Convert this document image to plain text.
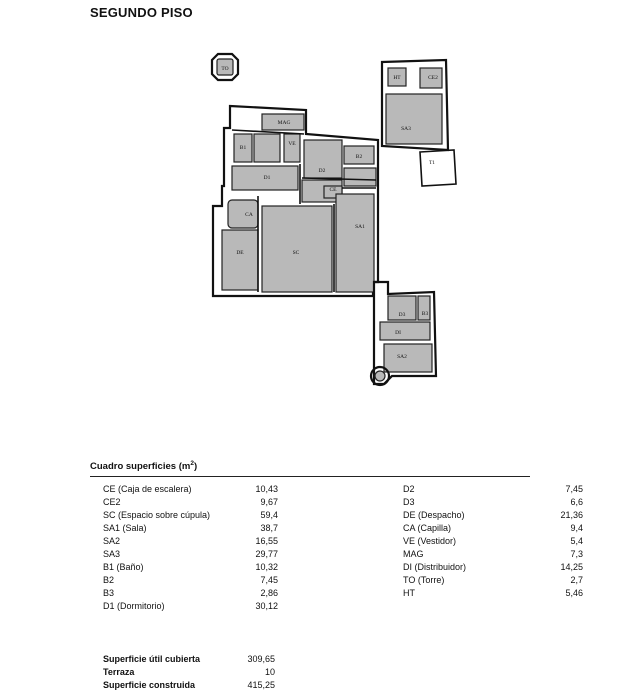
SEGUNDO PISO
TO
MAG
B1
VE
D2
B2
D1
CE
CA
DE	SC
SA1
HT	CE2
SA3
T1
D3	B3
DI
SA2
Cuadro superficies $(m^2)$
CE (Caja de escalera)	10,43
CE2	9,67
SC (Espacio sobre cúpula)	59,4
SA1 (Sala)	38,7
SA2	16,55
SA3	29,77
B1 (Baño)	10,32
B2	7,45
B3	2,86
D1 (Dormitorio)	30,12
D2	7,45
D3	6,6
DE (Despacho)	21,36
CA (Capilla)	9,4
VE (Vestidor)	5,4
MAG	7,3
DI (Distribuidor)	14,25
TO (Torre)	2,7
HT	5,46
Superficie útil cubierta	309,65
Terraza	10
Superficie construida	415,25
